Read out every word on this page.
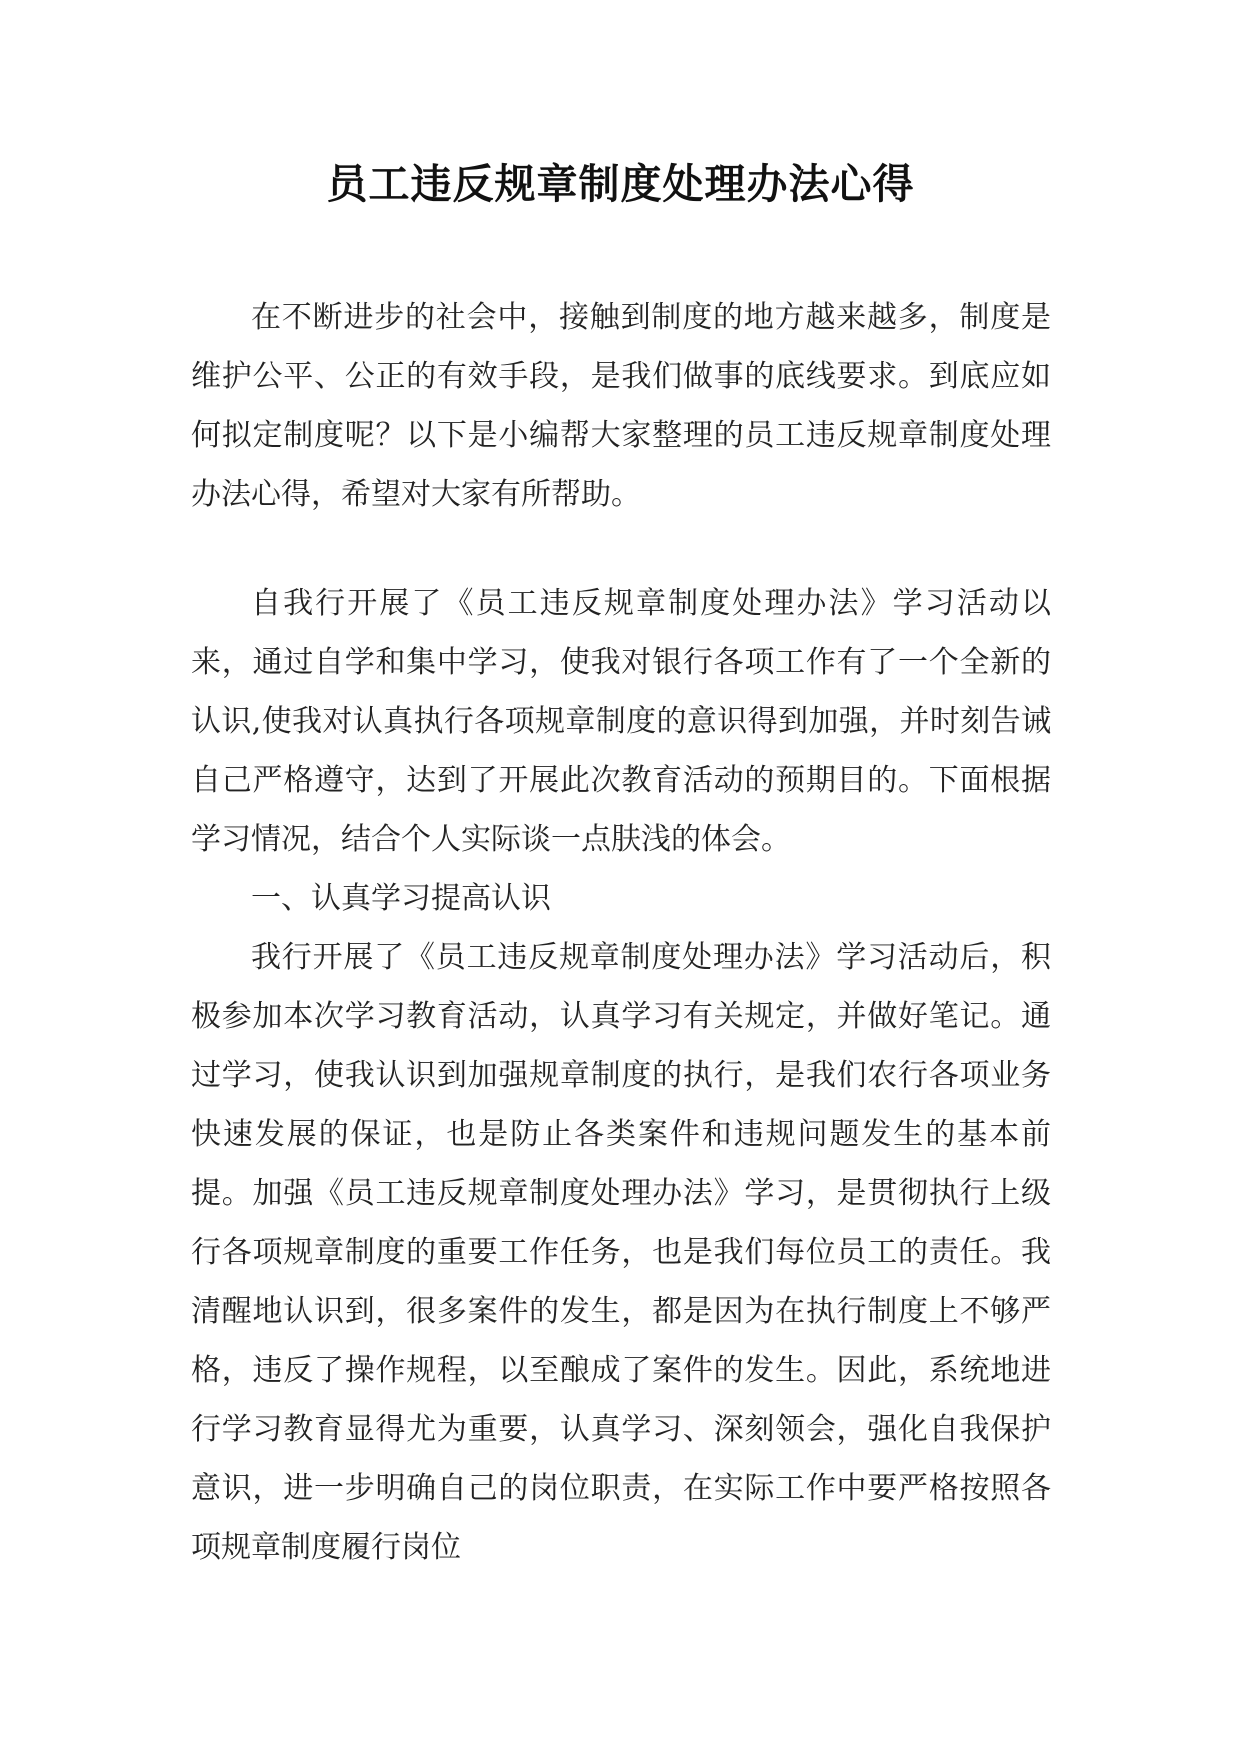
员工违反规章制度处理办法心得

在不断进步的社会中，接触到制度的地方越来越多，制度是维护公平、公正的有效手段，是我们做事的底线要求。到底应如何拟定制度呢？以下是小编帮大家整理的员工违反规章制度处理办法心得，希望对大家有所帮助。

自我行开展了《员工违反规章制度处理办法》学习活动以来，通过自学和集中学习，使我对银行各项工作有了一个全新的认识,使我对认真执行各项规章制度的意识得到加强，并时刻告诫自己严格遵守，达到了开展此次教育活动的预期目的。下面根据学习情况，结合个人实际谈一点肤浅的体会。

一、认真学习提高认识

我行开展了《员工违反规章制度处理办法》学习活动后，积极参加本次学习教育活动，认真学习有关规定，并做好笔记。通过学习，使我认识到加强规章制度的执行，是我们农行各项业务快速发展的保证，也是防止各类案件和违规问题发生的基本前提。加强《员工违反规章制度处理办法》学习，是贯彻执行上级行各项规章制度的重要工作任务，也是我们每位员工的责任。我清醒地认识到，很多案件的发生，都是因为在执行制度上不够严格，违反了操作规程，以至酿成了案件的发生。因此，系统地进行学习教育显得尤为重要，认真学习、深刻领会，强化自我保护意识，进一步明确自己的岗位职责，在实际工作中要严格按照各项规章制度履行岗位
